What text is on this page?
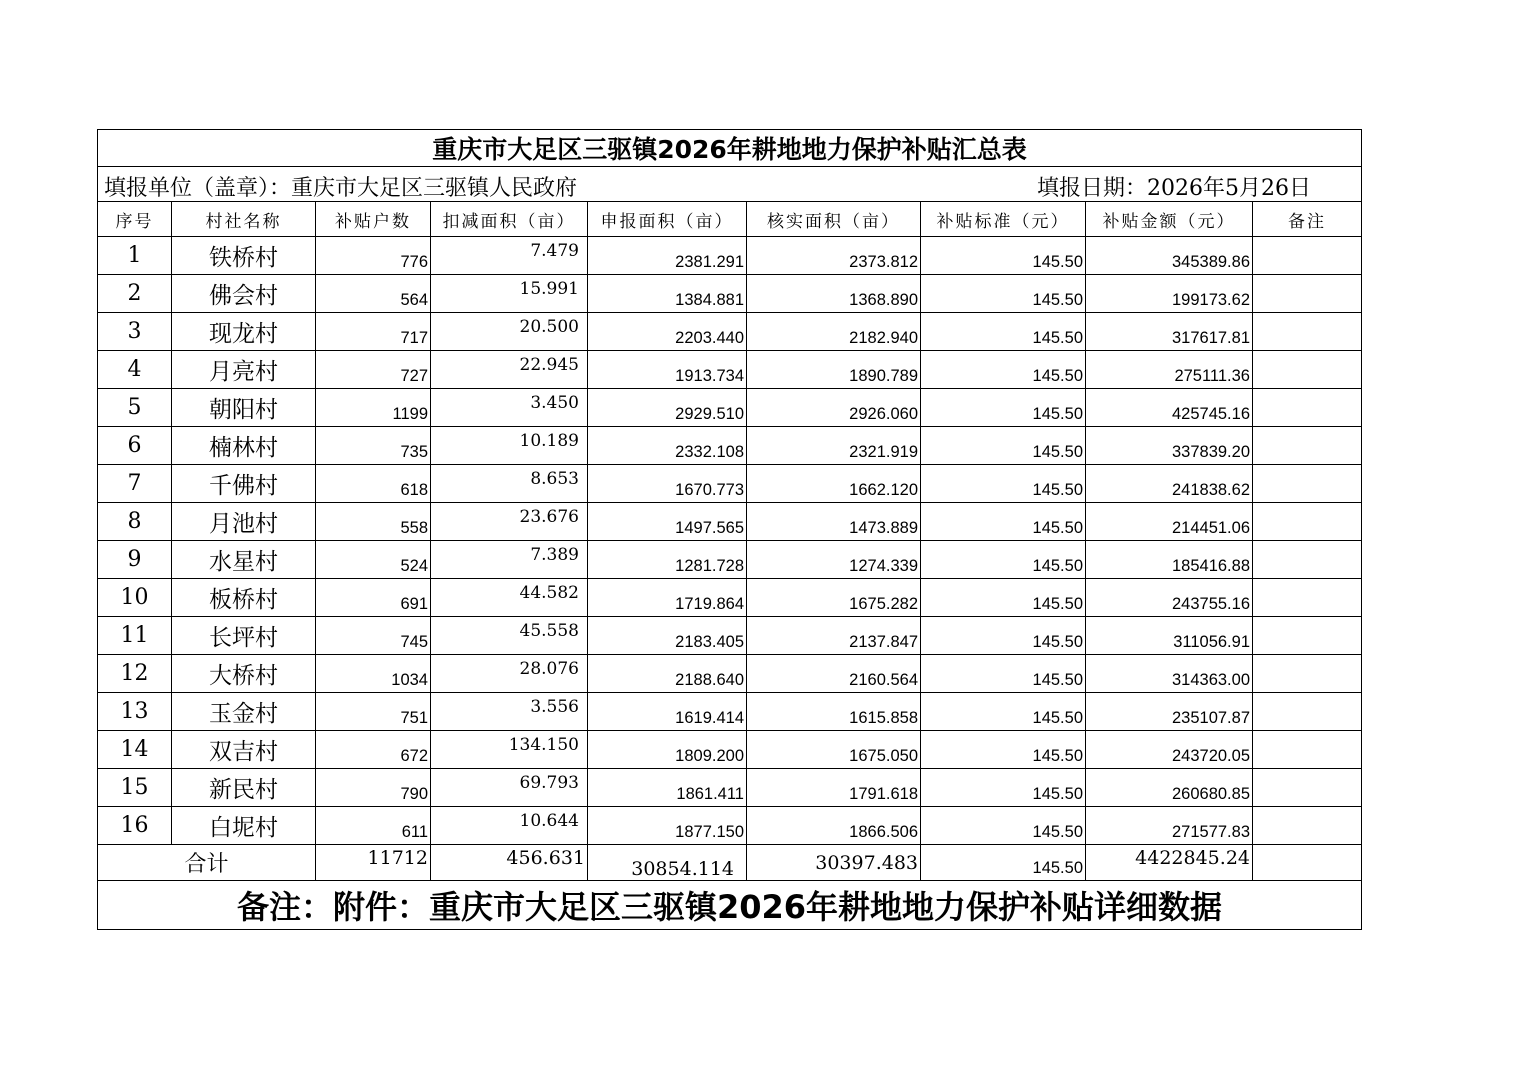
重庆市大足区三驱镇2026年耕地地力保护补贴汇总表								

填报单位（盖章）：重庆市大足区三驱镇人民政府 填报日期：2026年5月26日								

序号	村社名称	补贴户数	扣减面积（亩）	申报面积（亩）	核实面积（亩）	补贴标准（元）	补贴金额（元）	备注
1	铁桥村	776	7.479	2381.291	2373.812	145.50	345389.86	
2	佛会村	564	15.991	1384.881	1368.890	145.50	199173.62	
3	现龙村	717	20.500	2203.440	2182.940	145.50	317617.81	
4	月亮村	727	22.945	1913.734	1890.789	145.50	275111.36	
5	朝阳村	1199	3.450	2929.510	2926.060	145.50	425745.16	
6	楠林村	735	10.189	2332.108	2321.919	145.50	337839.20	
7	千佛村	618	8.653	1670.773	1662.120	145.50	241838.62	
8	月池村	558	23.676	1497.565	1473.889	145.50	214451.06	
9	水星村	524	7.389	1281.728	1274.339	145.50	185416.88	
10	板桥村	691	44.582	1719.864	1675.282	145.50	243755.16	
11	长坪村	745	45.558	2183.405	2137.847	145.50	311056.91	
12	大桥村	1034	28.076	2188.640	2160.564	145.50	314363.00	
13	玉金村	751	3.556	1619.414	1615.858	145.50	235107.87	
14	双吉村	672	134.150	1809.200	1675.050	145.50	243720.05	
15	新民村	790	69.793	1861.411	1791.618	145.50	260680.85	
16	白坭村	611	10.644	1877.150	1866.506	145.50	271577.83	
合计		11712	456.631	30854.114	30397.483	145.50	4422845.24	
备注：附件：重庆市大足区三驱镇2026年耕地地力保护补贴详细数据								
